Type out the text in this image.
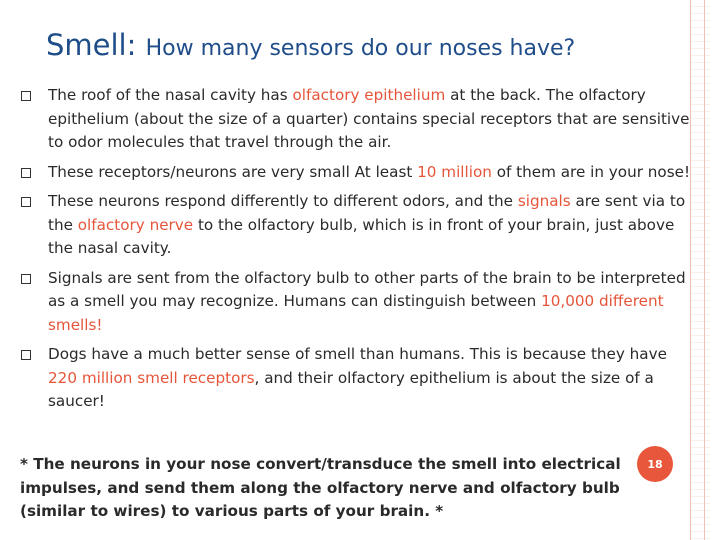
Smell: How many sensors do our noses have?
The roof of the nasal cavity has olfactory epithelium at the back. The olfactory epithelium (about the size of a quarter) contains special receptors that are sensitive to odor molecules that travel through the air.
These receptors/neurons are very small At least 10 million of them are in your nose!
These neurons respond differently to different odors, and the signals are sent via to the olfactory nerve to the olfactory bulb, which is in front of your brain, just above the nasal cavity.
Signals are sent from the olfactory bulb to other parts of the brain to be interpreted as a smell you may recognize. Humans can distinguish between 10,000 different smells!
Dogs have a much better sense of smell than humans. This is because they have 220 million smell receptors, and their olfactory epithelium is about the size of a saucer!
* The neurons in your nose convert/transduce the smell into electrical impulses, and send them along the olfactory nerve and olfactory bulb (similar to wires) to various parts of your brain. *
18
